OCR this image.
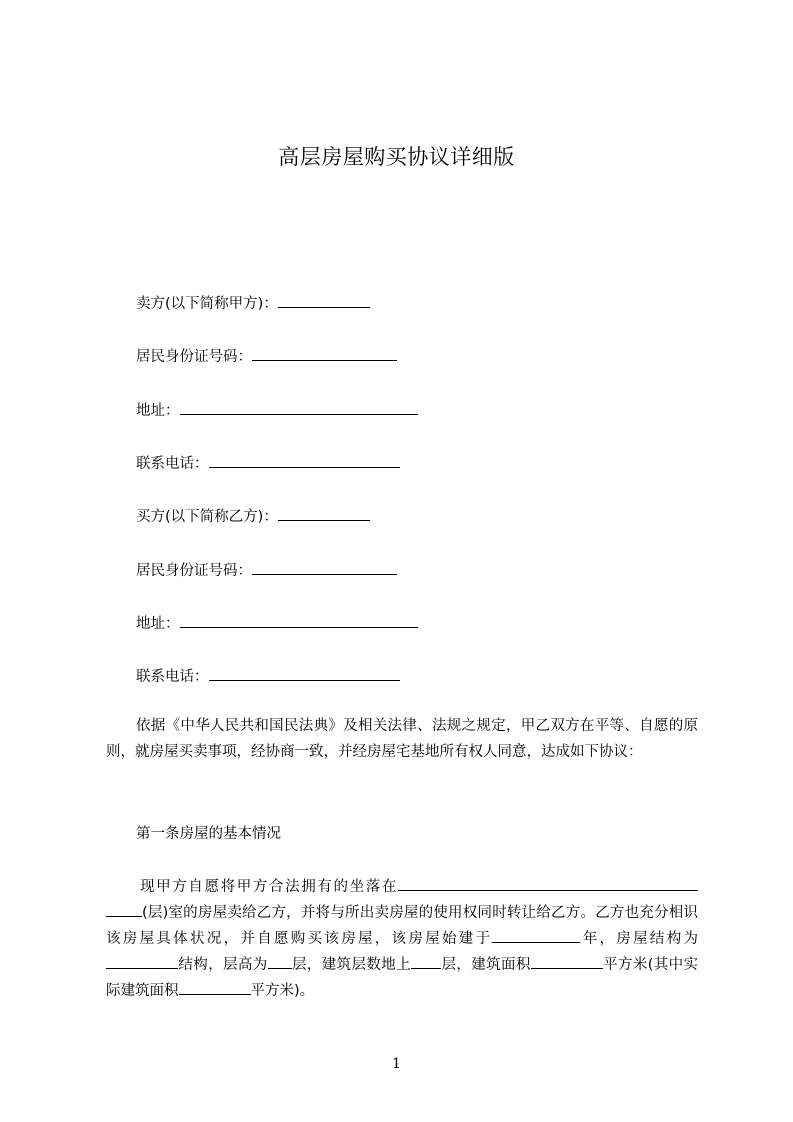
高层房屋购买协议详细版
卖方(以下简称甲方)：
居民身份证号码：
地址：
联系电话：
买方(以下简称乙方)：
居民身份证号码：
地址：
联系电话：

依据《中华人民共和国民法典》及相关法律、法规之规定，甲乙双方在平等、自愿的原则，就房屋买卖事项，经协商一致，并经房屋宅基地所有权人同意，达成如下协议：

第一条房屋的基本情况

现甲方自愿将甲方合法拥有的坐落在(层)室的房屋卖给乙方，并将与所出卖房屋的使用权同时转让给乙方。乙方也充分相识该房屋具体状况，并自愿购买该房屋，该房屋始建于	年，房屋结构为结构，层高为 层，建筑层数地上 层，建筑面积	平方米(其中实际建筑面积	平方米)。

1
